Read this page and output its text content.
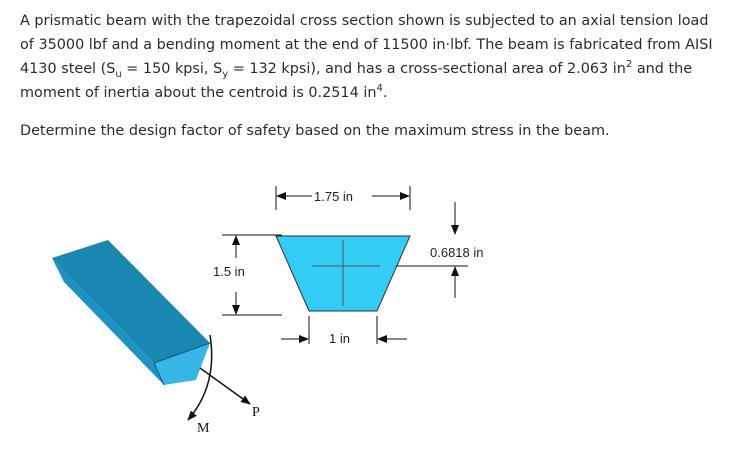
A prismatic beam with the trapezoidal cross section shown is subjected to an axial tension load of 35000 lbf and a bending moment at the end of 11500 in·lbf. The beam is fabricated from AISI 4130 steel ($S_u = 150$ kpsi, $S_y = 132$ kpsi), and has a cross-sectional area of 2.063 $in^2$ and the moment of inertia about the centroid is 0.2514 $in^4$.

Determine the design factor of safety based on the maximum stress in the beam.

M
P
1.5 in
1.75 in
1 in
0.6818 in
